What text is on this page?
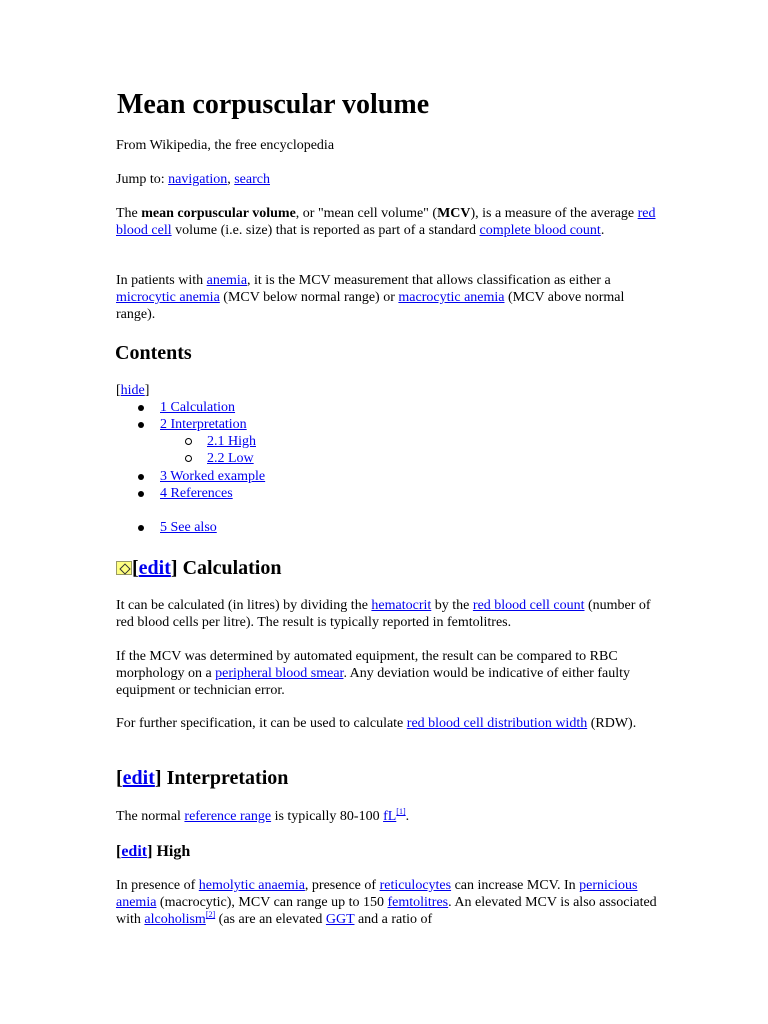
Mean corpuscular volume

From Wikipedia, the free encyclopedia

Jump to: navigation, search

The mean corpuscular volume, or "mean cell volume" (MCV), is a measure of the average red blood cell volume (i.e. size) that is reported as part of a standard complete blood count.

In patients with anemia, it is the MCV measurement that allows classification as either a microcytic anemia (MCV below normal range) or macrocytic anemia (MCV above normal range).

Contents
[hide]
1 Calculation
2 Interpretation
2.1 High
2.2 Low
3 Worked example
4 References
5 See also
[edit] Calculation

It can be calculated (in litres) by dividing the hematocrit by the red blood cell count (number of red blood cells per litre). The result is typically reported in femtolitres.

If the MCV was determined by automated equipment, the result can be compared to RBC morphology on a peripheral blood smear. Any deviation would be indicative of either faulty equipment or technician error.

For further specification, it can be used to calculate red blood cell distribution width (RDW).

[edit] Interpretation

The normal reference range is typically 80-100 fL[1].

[edit] High

In presence of hemolytic anaemia, presence of reticulocytes can increase MCV. In pernicious anemia (macrocytic), MCV can range up to 150 femtolitres. An elevated MCV is also associated with alcoholism[2] (as are an elevated GGT and a ratio of
